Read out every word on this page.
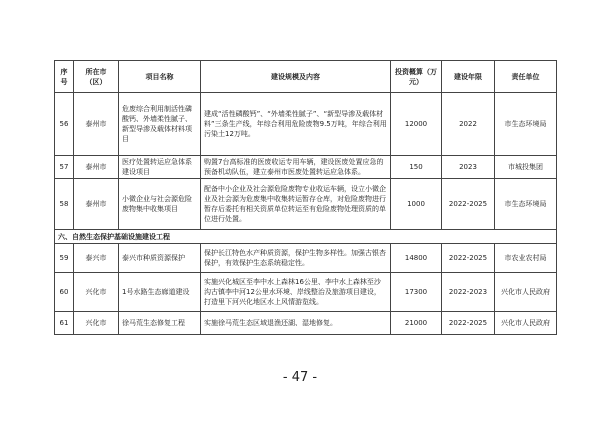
序号	所在市（区）	项目名称	建设规模及内容	投资概算（万元）	建设年限	责任单位
56	泰州市	危废综合利用制活性磷酸钙、外墙柔性腻子、新型导渗及载体材料项目	建成“活性磷酸钙”、“外墙柔性腻子”、“新型导渗及载体材料”三条生产线，年综合利用危险废物9.5万吨，年综合利用污染土12万吨。	12000	2022	市生态环境局
57	泰州市	医疗处置转运应急体系建设项目	购置7台高标准的医废收运专用车辆，建设医废处置应急的预备机动队伍，建立泰州市医废处置转运应急体系。	150	2023	市城投集团
58	泰州市	小微企业与社会源危险废物集中收集项目	配备中小企业及社会源危险废物专业收运车辆，设立小微企业及社会源为危废集中收集转运暂存仓库，对危险废物进行暂存后委托有相关资质单位转运至有危险废物处理资质的单位进行处置。	1000	2022-2025	市生态环境局
六、自然生态保护基础设施建设工程						
59	泰兴市	泰兴市种质资源保护	保护长江特色水产种质资源，保护生物多样性。加强古银杏保护，有效保护生态系统稳定性。	14800	2022-2025	市农业农村局
60	兴化市	1号水路生态廊道建设	实施兴化城区至李中水上森林16公里、李中水上森林至沙沟古镇李中河12公里水环境、岸线整治及旅游项目建设，打造里下河兴化地区水上风情游览线。	17300	2022-2023	兴化市人民政府
61	兴化市	徐马荒生态修复工程	实施徐马荒生态区域退渔还湖、湿地修复。	21000	2022-2025	兴化市人民政府
- 47 -
